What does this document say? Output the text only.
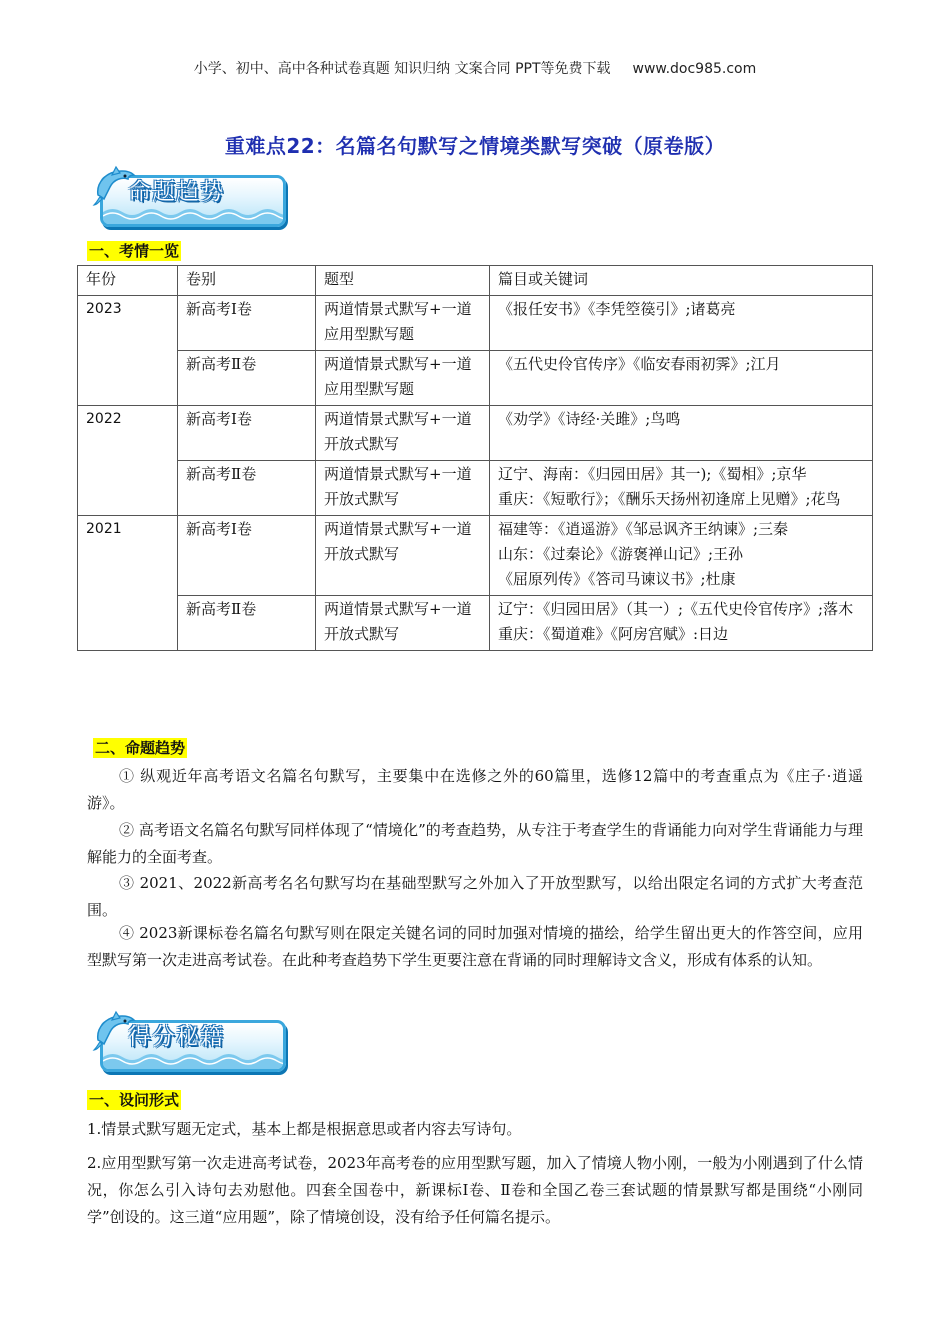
小学、初中、高中各种试卷真题 知识归纳 文案合同 PPT等免费下载 www.doc985.com
重难点22：名篇名句默写之情境类默写突破（原卷版）
命题趋势
一、考情一览
年份	卷别	题型	篇目或关键词
2023	新高考Ⅰ卷	两道情景式默写+一道应用型默写题	《报任安书》《李凭箜篌引》;诸葛亮

	新高考Ⅱ卷	两道情景式默写+一道应用型默写题	《五代史伶官传序》《临安春雨初霁》;江月

2022	新高考Ⅰ卷	两道情景式默写+一道开放式默写	《劝学》《诗经·关雎》;鸟鸣

	新高考Ⅱ卷	两道情景式默写+一道开放式默写	辽宁、海南：《归园田居》其一);《蜀相》;京华
重庆：《短歌行》；《酬乐天扬州初逢席上见赠》;花鸟

2021	新高考Ⅰ卷	两道情景式默写+一道开放式默写	福建等：《逍遥游》《邹忌讽齐王纳谏》;三秦
山东：《过秦论》《游褒禅山记》;王孙
《屈原列传》《答司马谏议书》;杜康

	新高考Ⅱ卷	两道情景式默写+一道开放式默写	辽宁：《归园田居》（其一）;《五代史伶官传序》;落木
重庆：《蜀道难》《阿房宫赋》:日边
二、命题趋势
① 纵观近年高考语文名篇名句默写，主要集中在选修之外的60篇里，选修12篇中的考查重点为《庄子·逍遥游》。
② 高考语文名篇名句默写同样体现了“情境化”的考查趋势，从专注于考查学生的背诵能力向对学生背诵能力与理解能力的全面考查。
③ 2021、2022新高考名名句默写均在基础型默写之外加入了开放型默写，以给出限定名词的方式扩大考查范围。
④ 2023新课标卷名篇名句默写则在限定关键名词的同时加强对情境的描绘，给学生留出更大的作答空间，应用型默写第一次走进高考试卷。在此种考查趋势下学生更要注意在背诵的同时理解诗文含义，形成有体系的认知。
得分秘籍
一、设问形式
1.情景式默写题无定式，基本上都是根据意思或者内容去写诗句。
2.应用型默写第一次走进高考试卷，2023年高考卷的应用型默写题，加入了情境人物小刚，一般为小刚遇到了什么情况，你怎么引入诗句去劝慰他。四套全国卷中，新课标Ⅰ卷、Ⅱ卷和全国乙卷三套试题的情景默写都是围绕“小刚同学”创设的。这三道“应用题”，除了情境创设，没有给予任何篇名提示。
